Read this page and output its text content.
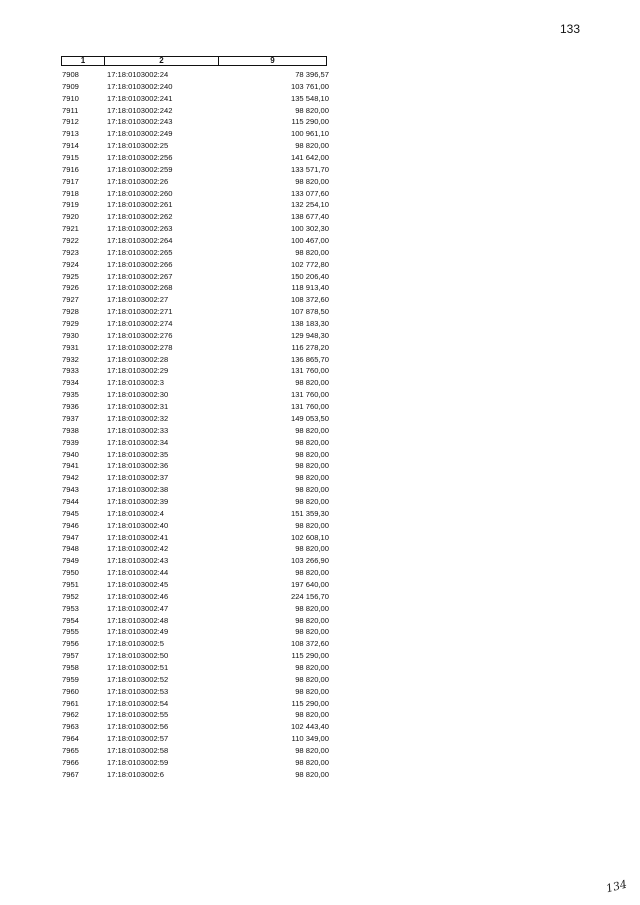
133
1	2	9
7908	17:18:0103002:24	78 396,57
7909	17:18:0103002:240	103 761,00
7910	17:18:0103002:241	135 548,10
7911	17:18:0103002:242	98 820,00
7912	17:18:0103002:243	115 290,00
7913	17:18:0103002:249	100 961,10
7914	17:18:0103002:25	98 820,00
7915	17:18:0103002:256	141 642,00
7916	17:18:0103002:259	133 571,70
7917	17:18:0103002:26	98 820,00
7918	17:18:0103002:260	133 077,60
7919	17:18:0103002:261	132 254,10
7920	17:18:0103002:262	138 677,40
7921	17:18:0103002:263	100 302,30
7922	17:18:0103002:264	100 467,00
7923	17:18:0103002:265	98 820,00
7924	17:18:0103002:266	102 772,80
7925	17:18:0103002:267	150 206,40
7926	17:18:0103002:268	118 913,40
7927	17:18:0103002:27	108 372,60
7928	17:18:0103002:271	107 878,50
7929	17:18:0103002:274	138 183,30
7930	17:18:0103002:276	129 948,30
7931	17:18:0103002:278	116 278,20
7932	17:18:0103002:28	136 865,70
7933	17:18:0103002:29	131 760,00
7934	17:18:0103002:3	98 820,00
7935	17:18:0103002:30	131 760,00
7936	17:18:0103002:31	131 760,00
7937	17:18:0103002:32	149 053,50
7938	17:18:0103002:33	98 820,00
7939	17:18:0103002:34	98 820,00
7940	17:18:0103002:35	98 820,00
7941	17:18:0103002:36	98 820,00
7942	17:18:0103002:37	98 820,00
7943	17:18:0103002:38	98 820,00
7944	17:18:0103002:39	98 820,00
7945	17:18:0103002:4	151 359,30
7946	17:18:0103002:40	98 820,00
7947	17:18:0103002:41	102 608,10
7948	17:18:0103002:42	98 820,00
7949	17:18:0103002:43	103 266,90
7950	17:18:0103002:44	98 820,00
7951	17:18:0103002:45	197 640,00
7952	17:18:0103002:46	224 156,70
7953	17:18:0103002:47	98 820,00
7954	17:18:0103002:48	98 820,00
7955	17:18:0103002:49	98 820,00
7956	17:18:0103002:5	108 372,60
7957	17:18:0103002:50	115 290,00
7958	17:18:0103002:51	98 820,00
7959	17:18:0103002:52	98 820,00
7960	17:18:0103002:53	98 820,00
7961	17:18:0103002:54	115 290,00
7962	17:18:0103002:55	98 820,00
7963	17:18:0103002:56	102 443,40
7964	17:18:0103002:57	110 349,00
7965	17:18:0103002:58	98 820,00
7966	17:18:0103002:59	98 820,00
7967	17:18:0103002:6	98 820,00
134
